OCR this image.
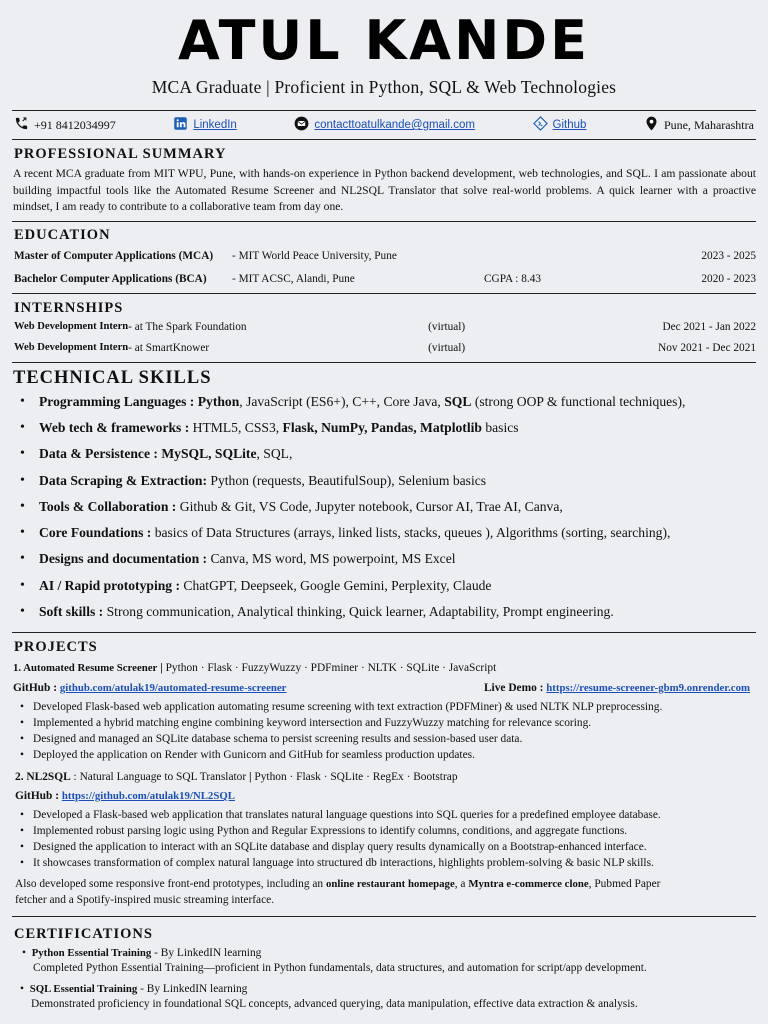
ATUL KANDE
MCA Graduate | Proficient in Python, SQL & Web Technologies
+91 8412034997	LinkedIn	contacttoatulkande@gmail.com	Github	Pune, Maharashtra
PROFESSIONAL SUMMARY
A recent MCA graduate from MIT WPU, Pune, with hands-on experience in Python backend development, web technologies, and SQL. I am passionate about building impactful tools like the Automated Resume Screener and NL2SQL Translator that solve real-world problems. A quick learner with a proactive mindset, I am ready to contribute to a collaborative team from day one.
EDUCATION
Master of Computer Applications (MCA)	- MIT World Peace University, Pune	2023 - 2025
Bachelor Computer Applications (BCA)	- MIT ACSC, Alandi, Pune	CGPA : 8.43	2020 - 2023
INTERNSHIPS
Web Development Intern - at The Spark Foundation	(virtual)	Dec 2021 - Jan 2022
Web Development Intern - at SmartKnower	(virtual)	Nov 2021 - Dec 2021
TECHNICAL SKILLS
Programming Languages : Python, JavaScript (ES6+), C++, Core Java, SQL (strong OOP & functional techniques),
Web tech & frameworks : HTML5, CSS3, Flask, NumPy, Pandas, Matplotlib basics
Data & Persistence : MySQL, SQLite, SQL,
Data Scraping & Extraction: Python (requests, BeautifulSoup), Selenium basics
Tools & Collaboration : Github & Git, VS Code, Jupyter notebook, Cursor AI, Trae AI, Canva,
Core Foundations : basics of Data Structures (arrays, linked lists, stacks, queues ), Algorithms (sorting, searching),
Designs and documentation : Canva, MS word, MS powerpoint, MS Excel
AI / Rapid prototyping : ChatGPT, Deepseek, Google Gemini, Perplexity, Claude
Soft skills : Strong communication, Analytical thinking, Quick learner, Adaptability, Prompt engineering.
PROJECTS
1. Automated Resume Screener | Python · Flask · FuzzyWuzzy · PDFminer · NLTK · SQLite · JavaScript
GitHub : github.com/atulak19/automated-resume-screener	Live Demo : https://resume-screener-gbm9.onrender.com
Developed Flask-based web application automating resume screening with text extraction (PDFMiner) & used NLTK NLP preprocessing.
Implemented a hybrid matching engine combining keyword intersection and FuzzyWuzzy matching for relevance scoring.
Designed and managed an SQLite database schema to persist screening results and session-based user data.
Deployed the application on Render with Gunicorn and GitHub for seamless production updates.
2. NL2SQL : Natural Language to SQL Translator | Python · Flask · SQLite · RegEx · Bootstrap
GitHub : https://github.com/atulak19/NL2SQL
Developed a Flask-based web application that translates natural language questions into SQL queries for a predefined employee database.
Implemented robust parsing logic using Python and Regular Expressions to identify columns, conditions, and aggregate functions.
Designed the application to interact with an SQLite database and display query results dynamically on a Bootstrap-enhanced interface.
It showcases transformation of complex natural language into structured db interactions, highlights problem-solving & basic NLP skills.
Also developed some responsive front-end prototypes, including an online restaurant homepage, a Myntra e-commerce clone, Pubmed Paper
fetcher and a Spotify-inspired music streaming interface.
CERTIFICATIONS
•  Python Essential Training - By LinkedIN learning
Completed Python Essential Training—proficient in Python fundamentals, data structures, and automation for script/app development.
•  SQL Essential Training - By LinkedIN learning
Demonstrated proficiency in foundational SQL concepts, advanced querying, data manipulation, effective data extraction & analysis.
